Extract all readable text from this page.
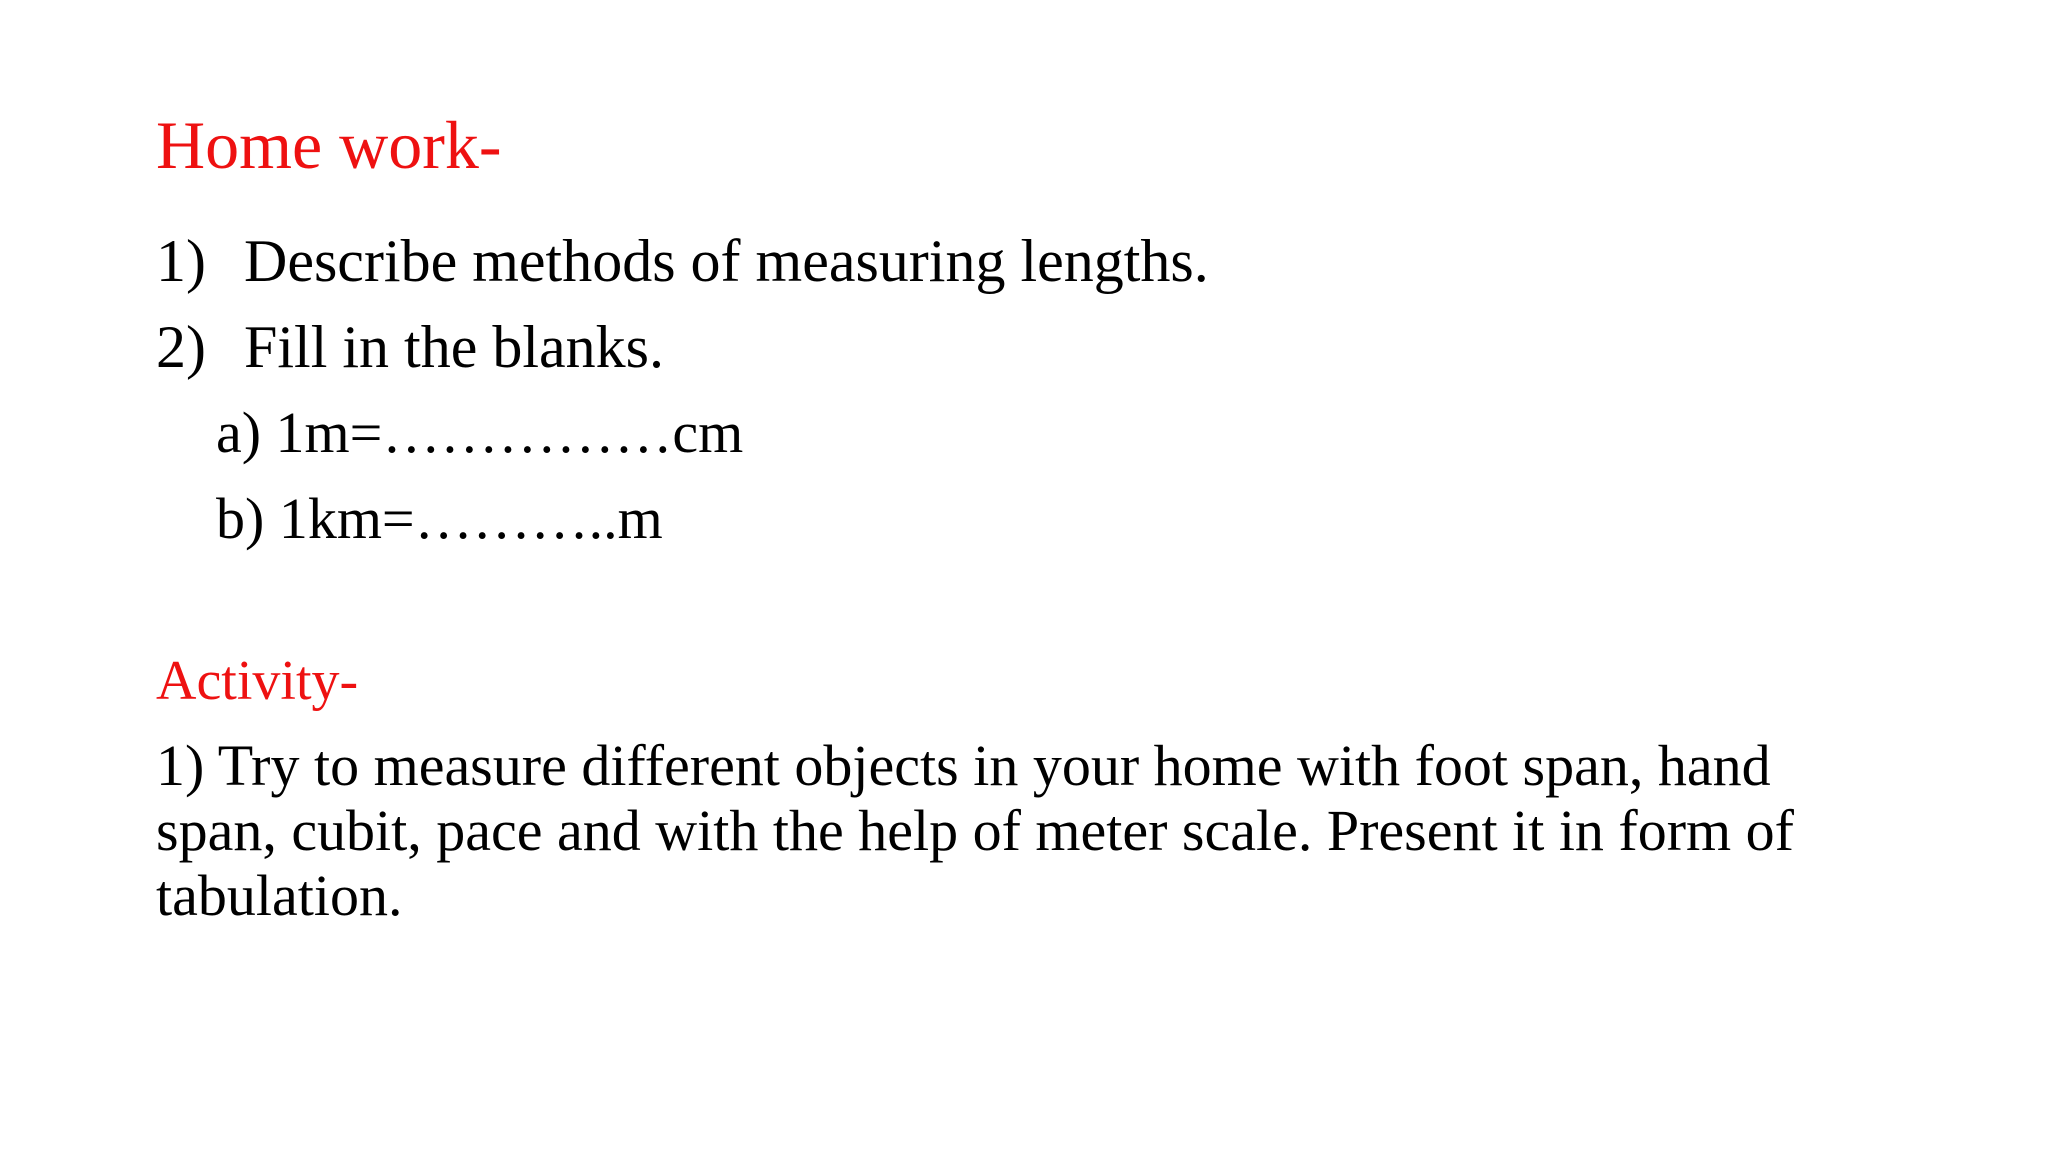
Home work-
1) Describe methods of measuring lengths.
2) Fill in the blanks.
a) 1m=……………cm
b) 1km=………..m
Activity-

1) Try to measure different objects in your home with foot span, hand
span, cubit, pace and with the help of meter scale. Present it in form of
tabulation.
